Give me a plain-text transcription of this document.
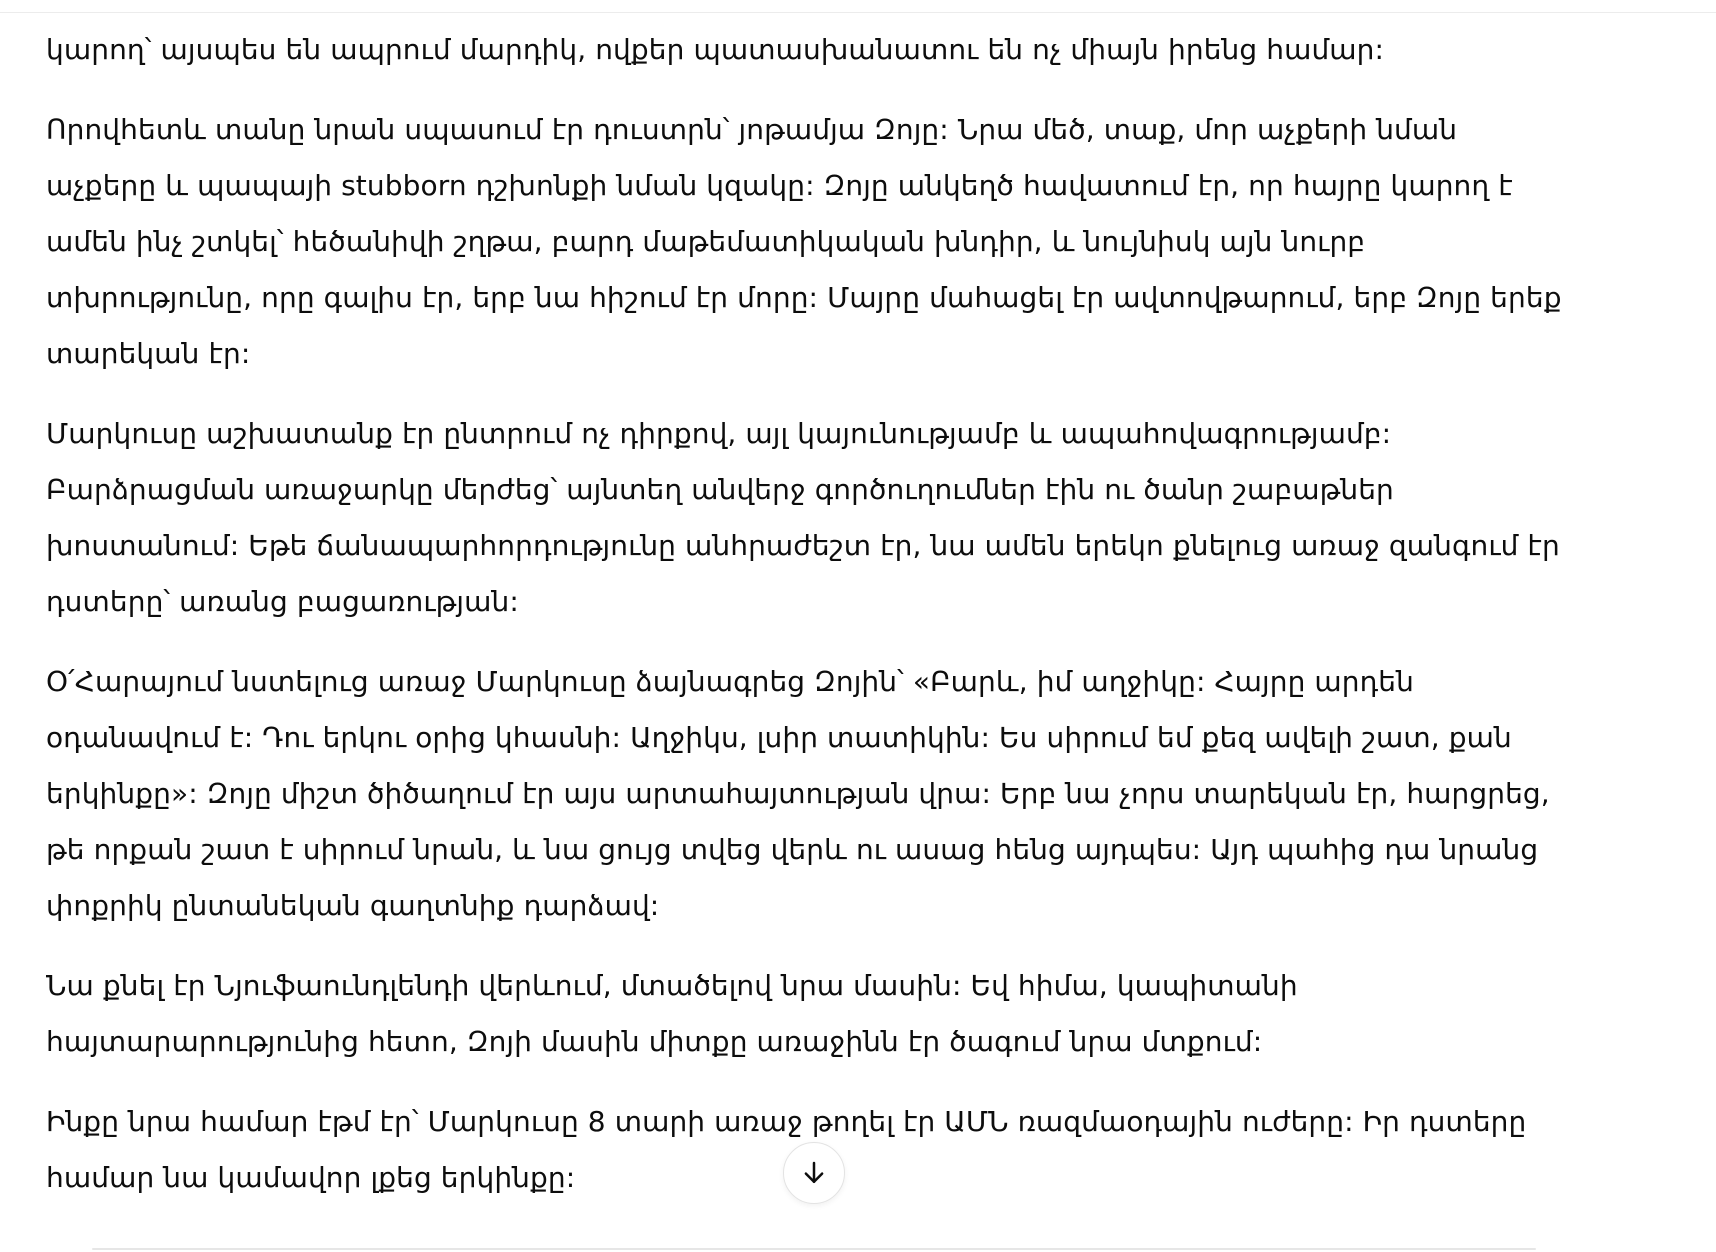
կարող՝ այսպես են ապրում մարդիկ, ովքեր պատասխանատու են ոչ միայն իրենց համար:

Որովհետև տանը նրան սպասում էր դուստրն՝ յոթամյա Զոյը: Նրա մեծ, տաք, մոր աչքերի նման
աչքերը և պապայի stubborn դշխոնքի նման կզակը: Զոյը անկեղծ հավատում էր, որ հայրը կարող է
ամեն ինչ շտկել՝ հեծանիվի շղթա, բարդ մաթեմատիկական խնդիր, և նույնիսկ այն նուրբ
տխրությունը, որը գալիս էր, երբ նա հիշում էր մորը: Մայրը մահացել էր ավտովթարում, երբ Զոյը երեք
տարեկան էր:

Մարկուսը աշխատանք էր ընտրում ոչ դիրքով, այլ կայունությամբ և ապահովագրությամբ:
Բարձրացման առաջարկը մերժեց՝ այնտեղ անվերջ գործուղումներ էին ու ծանր շաբաթներ
խոստանում: Եթե ճանապարհորդությունը անհրաժեշտ էր, նա ամեն երեկո քնելուց առաջ զանգում էր
դստերը՝ առանց բացառության:

Օ՛Հարայում նստելուց առաջ Մարկուսը ձայնագրեց Զոյին՝ «Բարև, իմ աղջիկը: Հայրը արդեն
օդանավում է: Դու երկու օրից կհասնի: Աղջիկս, լսիր տատիկին: Ես սիրում եմ քեզ ավելի շատ, քան
երկինքը»: Զոյը միշտ ծիծաղում էր այս արտահայտության վրա: Երբ նա չորս տարեկան էր, հարցրեց,
թե որքան շատ է սիրում նրան, և նա ցույց տվեց վերև ու ասաց հենց այդպես: Այդ պահից դա նրանց
փոքրիկ ընտանեկան գաղտնիք դարձավ:

Նա քնել էր Նյուֆաունդլենդի վերևում, մտածելով նրա մասին: Եվ հիմա, կապիտանի
հայտարարությունից հետո, Զոյի մասին միտքը առաջինն էր ծագում նրա մտքում:

Ինքը նրա համար էթմ էր՝ Մարկուսը 8 տարի առաջ թողել էր ԱՄՆ ռազմաօդային ուժերը: Իր դստերը
համար նա կամավոր լքեց երկինքը:
